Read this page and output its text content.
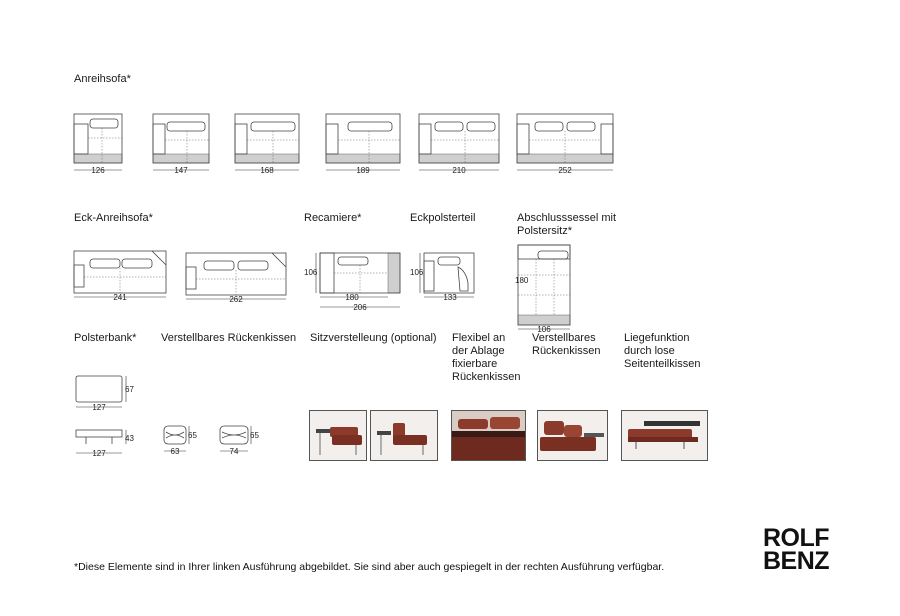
Anreihsofa*
Eck-Anreihsofa*	Recamiere*	Eckpolsterteil	Abschlusssessel mit Polstersitz*
Polsterbank* Verstellbares Rückenkissen Sitzverstelleung (optional) Flexibel an der Ablage fixierbare Rückenkissen
Verstellbares Rückenkissen
Liegefunktion durch lose Seitenteilkissen
126	147	168	189	210	252
241	262
106
180
206
106
133
106
180
67
127
43
127
65
63
65
74
*Diese Elemente sind in Ihrer linken Ausführung abgebildet. Sie sind aber auch gespiegelt in der rechten Ausführung verfügbar.
ROLF
BENZ
